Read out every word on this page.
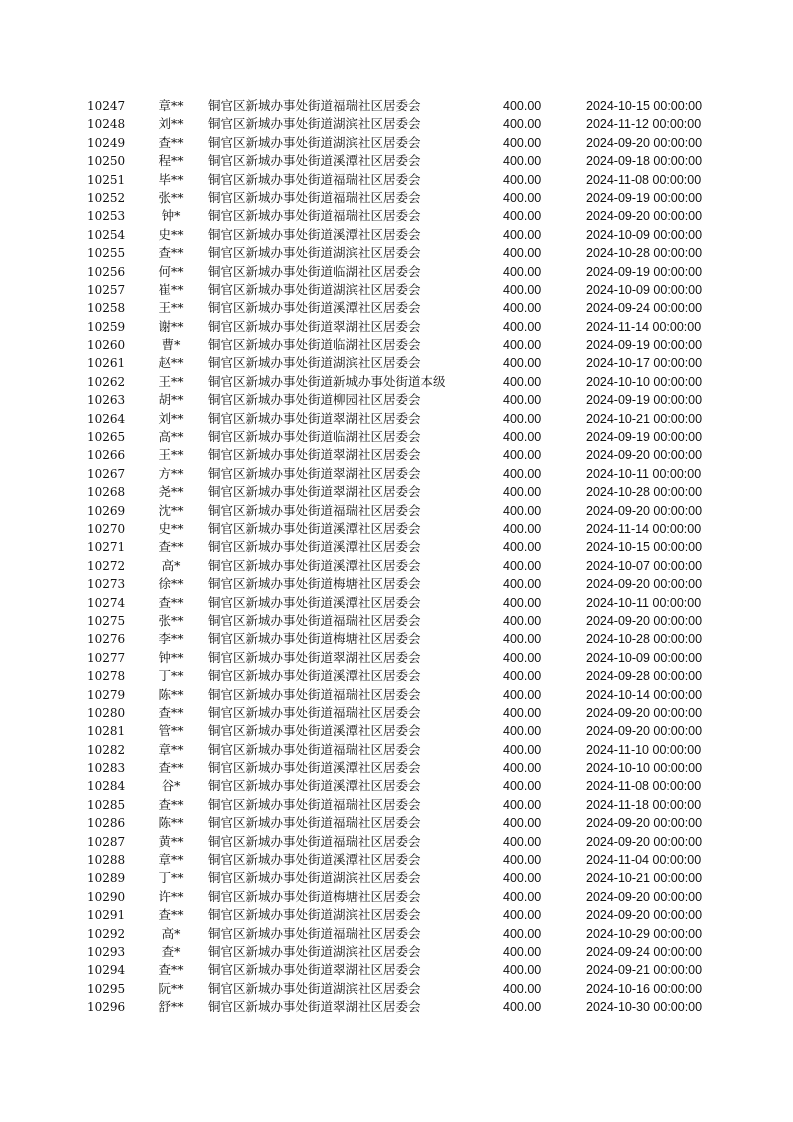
10247	章** 铜官区新城办事处街道福瑞社区居委会	400.00	2024-10-15 00:00:00
10248	刘** 铜官区新城办事处街道湖滨社区居委会	400.00	2024-11-12 00:00:00
10249	查** 铜官区新城办事处街道湖滨社区居委会	400.00	2024-09-20 00:00:00
10250	程** 铜官区新城办事处街道溪潭社区居委会	400.00	2024-09-18 00:00:00
10251	毕** 铜官区新城办事处街道福瑞社区居委会	400.00	2024-11-08 00:00:00
10252	张** 铜官区新城办事处街道福瑞社区居委会	400.00	2024-09-19 00:00:00
10253	钟*	铜官区新城办事处街道福瑞社区居委会	400.00	2024-09-20 00:00:00
10254	史** 铜官区新城办事处街道溪潭社区居委会	400.00	2024-10-09 00:00:00
10255	查** 铜官区新城办事处街道湖滨社区居委会	400.00	2024-10-28 00:00:00
10256	何** 铜官区新城办事处街道临湖社区居委会	400.00	2024-09-19 00:00:00
10257	崔** 铜官区新城办事处街道湖滨社区居委会	400.00	2024-10-09 00:00:00
10258	王** 铜官区新城办事处街道溪潭社区居委会	400.00	2024-09-24 00:00:00
10259	谢** 铜官区新城办事处街道翠湖社区居委会	400.00	2024-11-14 00:00:00
10260	曹*	铜官区新城办事处街道临湖社区居委会	400.00	2024-09-19 00:00:00
10261	赵** 铜官区新城办事处街道湖滨社区居委会	400.00	2024-10-17 00:00:00
10262	王** 铜官区新城办事处街道新城办事处街道本级	400.00	2024-10-10 00:00:00
10263	胡** 铜官区新城办事处街道柳园社区居委会	400.00	2024-09-19 00:00:00
10264	刘** 铜官区新城办事处街道翠湖社区居委会	400.00	2024-10-21 00:00:00
10265	高** 铜官区新城办事处街道临湖社区居委会	400.00	2024-09-19 00:00:00
10266	王** 铜官区新城办事处街道翠湖社区居委会	400.00	2024-09-20 00:00:00
10267	方** 铜官区新城办事处街道翠湖社区居委会	400.00	2024-10-11 00:00:00
10268	尧** 铜官区新城办事处街道翠湖社区居委会	400.00	2024-10-28 00:00:00
10269	沈** 铜官区新城办事处街道福瑞社区居委会	400.00	2024-09-20 00:00:00
10270	史** 铜官区新城办事处街道溪潭社区居委会	400.00	2024-11-14 00:00:00
10271	查** 铜官区新城办事处街道溪潭社区居委会	400.00	2024-10-15 00:00:00
10272	高*	铜官区新城办事处街道溪潭社区居委会	400.00	2024-10-07 00:00:00
10273	徐** 铜官区新城办事处街道梅塘社区居委会	400.00	2024-09-20 00:00:00
10274	查** 铜官区新城办事处街道溪潭社区居委会	400.00	2024-10-11 00:00:00
10275	张** 铜官区新城办事处街道福瑞社区居委会	400.00	2024-09-20 00:00:00
10276	李** 铜官区新城办事处街道梅塘社区居委会	400.00	2024-10-28 00:00:00
10277	钟** 铜官区新城办事处街道翠湖社区居委会	400.00	2024-10-09 00:00:00
10278	丁** 铜官区新城办事处街道溪潭社区居委会	400.00	2024-09-28 00:00:00
10279	陈** 铜官区新城办事处街道福瑞社区居委会	400.00	2024-10-14 00:00:00
10280	查** 铜官区新城办事处街道福瑞社区居委会	400.00	2024-09-20 00:00:00
10281	管** 铜官区新城办事处街道溪潭社区居委会	400.00	2024-09-20 00:00:00
10282	章** 铜官区新城办事处街道福瑞社区居委会	400.00	2024-11-10 00:00:00
10283	查** 铜官区新城办事处街道溪潭社区居委会	400.00	2024-10-10 00:00:00
10284	谷*	铜官区新城办事处街道溪潭社区居委会	400.00	2024-11-08 00:00:00
10285	查** 铜官区新城办事处街道福瑞社区居委会	400.00	2024-11-18 00:00:00
10286	陈** 铜官区新城办事处街道福瑞社区居委会	400.00	2024-09-20 00:00:00
10287	黄** 铜官区新城办事处街道福瑞社区居委会	400.00	2024-09-20 00:00:00
10288	章** 铜官区新城办事处街道溪潭社区居委会	400.00	2024-11-04 00:00:00
10289	丁** 铜官区新城办事处街道湖滨社区居委会	400.00	2024-10-21 00:00:00
10290	许** 铜官区新城办事处街道梅塘社区居委会	400.00	2024-09-20 00:00:00
10291	查** 铜官区新城办事处街道湖滨社区居委会	400.00	2024-09-20 00:00:00
10292	高*	铜官区新城办事处街道福瑞社区居委会	400.00	2024-10-29 00:00:00
10293	查*	铜官区新城办事处街道湖滨社区居委会	400.00	2024-09-24 00:00:00
10294	查** 铜官区新城办事处街道翠湖社区居委会	400.00	2024-09-21 00:00:00
10295	阮** 铜官区新城办事处街道湖滨社区居委会	400.00	2024-10-16 00:00:00
10296	舒** 铜官区新城办事处街道翠湖社区居委会	400.00	2024-10-30 00:00:00
